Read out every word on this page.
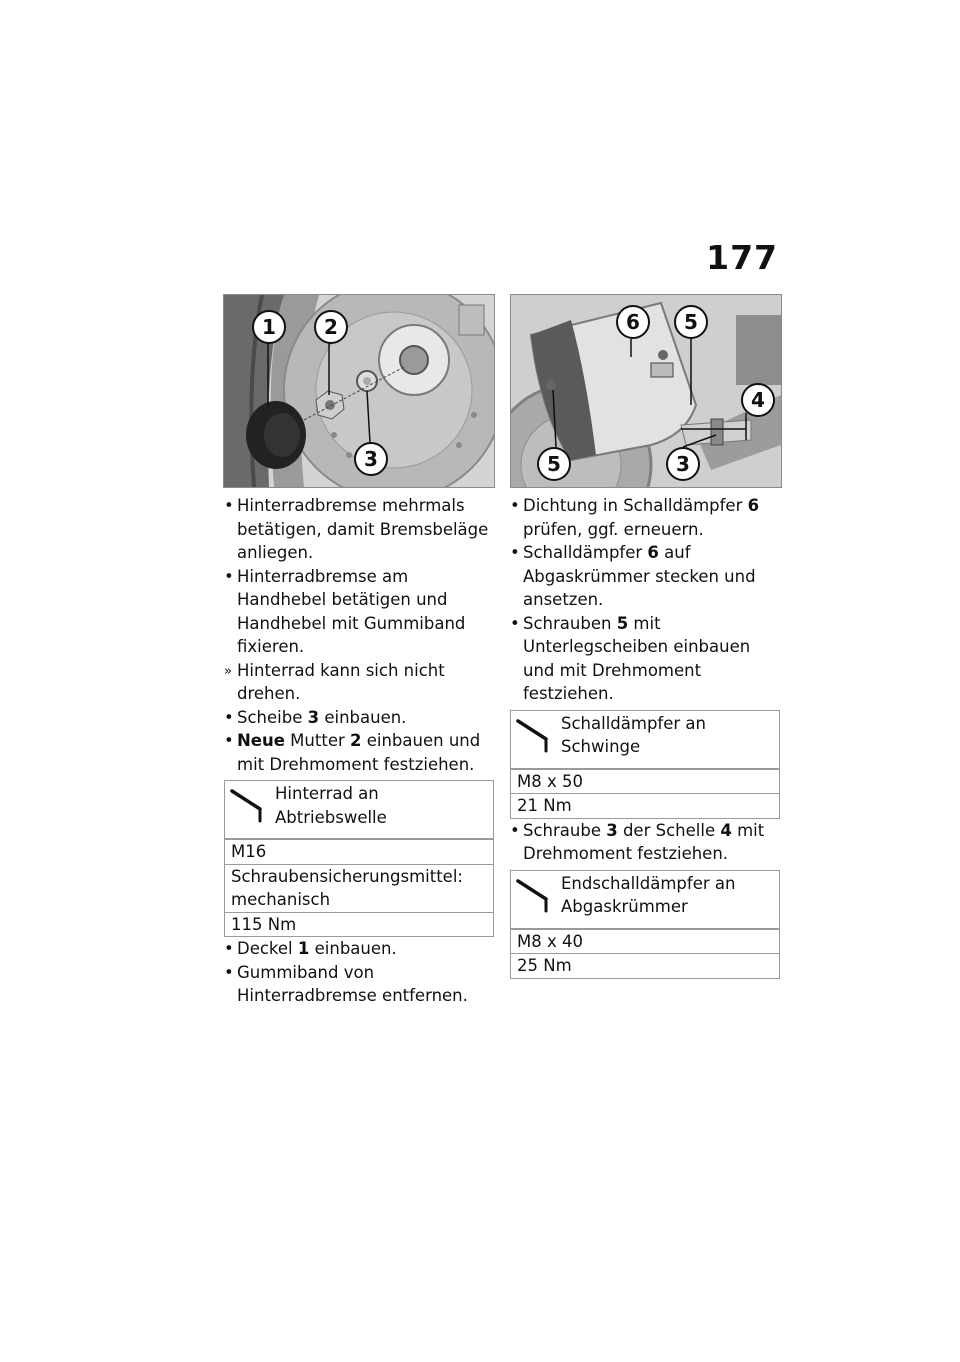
177
1	2
3
6	5
4
5	3
• Hinterradbremse mehrmals betätigen, damit Bremsbeläge anliegen.
• Hinterradbremse am Handhebel betätigen und Handhebel mit Gummiband fixieren.
» Hinterrad kann sich nicht drehen.
• Scheibe 3 einbauen.
• Neue Mutter 2 einbauen und mit Drehmoment festziehen.
Hinterrad an Abtriebswelle
M16
Schraubensicherungsmittel: mechanisch
115 Nm
• Deckel 1 einbauen.
• Gummiband von Hinterradbremse entfernen.
• Dichtung in Schalldämpfer 6 prüfen, ggf. erneuern.
• Schalldämpfer 6 auf Abgaskrümmer stecken und ansetzen.
• Schrauben 5 mit Unterlegscheiben einbauen und mit Drehmoment festziehen.
Schalldämpfer an Schwinge
M8 x 50
21 Nm
• Schraube 3 der Schelle 4 mit Drehmoment festziehen.
Endschalldämpfer an Abgaskrümmer
M8 x 40
25 Nm
